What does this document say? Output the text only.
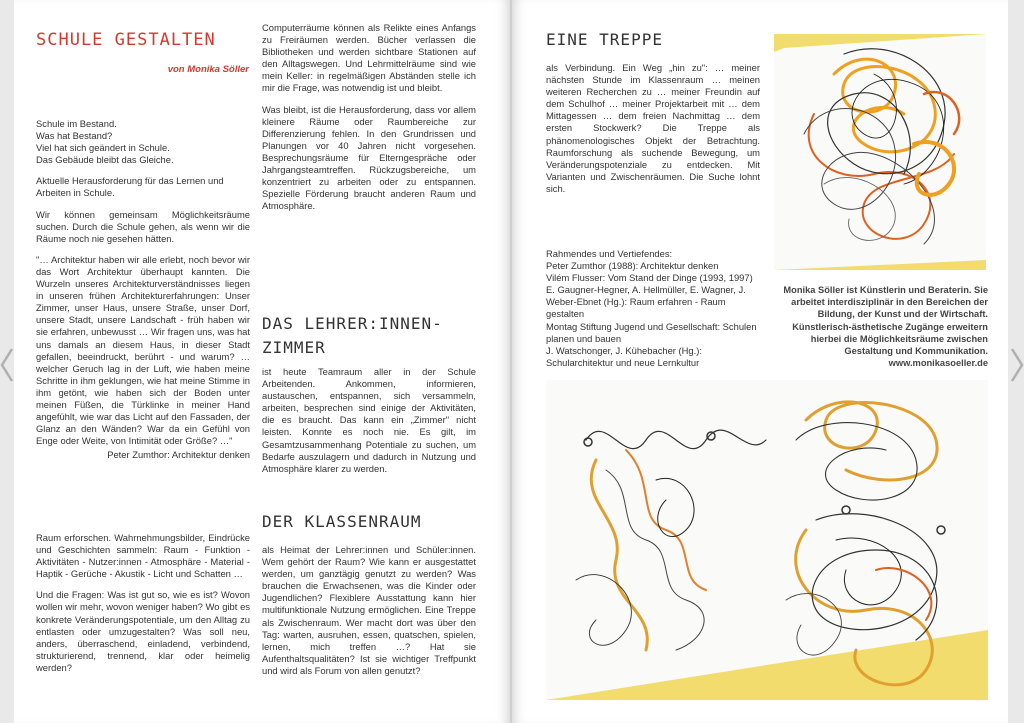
SCHULE GESTALTEN
von Monika Söller

Schule im Bestand.

Was hat Bestand?

Viel hat sich geändert in Schule.

Das Gebäude bleibt das Gleiche.

Aktuelle Herausforderung für das Lernen und Arbeiten in Schule.

Wir können gemeinsam Möglichkeitsräume suchen. Durch die Schule gehen, als wenn wir die Räume noch nie gesehen hätten.

"… Architektur haben wir alle erlebt, noch bevor wir das Wort Architektur überhaupt kannten. Die Wurzeln unseres Architekturverständnisses liegen in unseren frühen Architekturerfahrungen: Unser Zimmer, unser Haus, unsere Straße, unser Dorf, unsere Stadt, unsere Landschaft - früh haben wir sie erfahren, unbewusst … Wir fragen uns, was hat uns damals an diesem Haus, in dieser Stadt gefallen, beeindruckt, berührt - und warum? … welcher Geruch lag in der Luft, wie haben meine Schritte in ihm geklungen, wie hat meine Stimme in ihm getönt, wie haben sich der Boden unter meinen Füßen, die Türklinke in meiner Hand angefühlt, wie war das Licht auf den Fassaden, der Glanz an den Wänden? War da ein Gefühl von Enge oder Weite, von Intimität oder Größe? …"

Peter Zumthor: Architektur denken

Raum erforschen. Wahrnehmungsbilder, Eindrücke und Geschichten sammeln: Raum - Funktion - Aktivitäten - Nutzer:innen - Atmosphäre - Material - Haptik - Gerüche - Akustik - Licht und Schatten …

Und die Fragen: Was ist gut so, wie es ist? Wovon wollen wir mehr, wovon weniger haben? Wo gibt es konkrete Veränderungspotentiale, um den Alltag zu entlasten oder umzugestalten? Was soll neu, anders, überraschend, einladend, verbindend, strukturierend, trennend, klar oder heimelig werden?

Computerräume können als Relikte eines Anfangs zu Freiräumen werden. Bücher verlassen die Bibliotheken und werden sichtbare Stationen auf den Alltagswegen. Und Lehrmittelräume sind wie mein Keller: in regelmäßigen Abständen stelle ich mir die Frage, was notwendig ist und bleibt.

Was bleibt, ist die Herausforderung, dass vor allem kleinere Räume oder Raumbereiche zur Differenzierung fehlen. In den Grundrissen und Planungen vor 40 Jahren nicht vorgesehen. Besprechungsräume für Elterngespräche oder Jahrgangsteamtreffen. Rückzugsbereiche, um konzentriert zu arbeiten oder zu entspannen. Spezielle Förderung braucht anderen Raum und Atmosphäre.

DAS LEHRER:INNEN-ZIMMER

ist heute Teamraum aller in der Schule Arbeitenden. Ankommen, informieren, austauschen, entspannen, sich versammeln, arbeiten, besprechen sind einige der Aktivitäten, die es braucht. Das kann ein „Zimmer" nicht leisten. Konnte es noch nie. Es gilt, im Gesamtzusammenhang Potentiale zu suchen, um Bedarfe auszulagern und dadurch in Nutzung und Atmosphäre klarer zu werden.

DER KLASSENRAUM

als Heimat der Lehrer:innen und Schüler:innen. Wem gehört der Raum? Wie kann er ausgestattet werden, um ganztägig genutzt zu werden? Was brauchen die Erwachsenen, was die Kinder oder Jugendlichen? Flexiblere Ausstattung kann hier multifunktionale Nutzung ermöglichen. Eine Treppe als Zwischenraum. Wer macht dort was über den Tag: warten, ausruhen, essen, quatschen, spielen, lernen, mich treffen …? Hat sie Aufenthaltsqualitäten? Ist sie wichtiger Treffpunkt und wird als Forum von allen genutzt?

EINE TREPPE

als Verbindung. Ein Weg „hin zu": … meiner nächsten Stunde im Klassenraum … meinen weiteren Recherchen zu … meiner Freundin auf dem Schulhof … meiner Projektarbeit mit … dem Mittagessen … dem freien Nachmittag … dem ersten Stockwerk? Die Treppe als phänomenologisches Objekt der Betrachtung. Raumforschung als suchende Bewegung, um Veränderungspotenziale zu entdecken. Mit Varianten und Zwischenräumen. Die Suche lohnt sich.

Rahmendes und Vertiefendes:

Peter Zumthor (1988): Architektur denken

Vilém Flusser: Vom Stand der Dinge (1993, 1997)

E. Gaugner-Hegner, A. Hellmüller, E. Wagner, J. Weber-Ebnet (Hg.): Raum erfahren - Raum gestalten

Montag Stiftung Jugend und Gesellschaft: Schulen planen und bauen

J. Watschonger, J. Kühebacher (Hg.): Schularchitektur und neue Lernkultur

Monika Söller ist Künstlerin und Beraterin. Sie arbeitet interdisziplinär in den Bereichen der Bildung, der Kunst und der Wirtschaft. Künstlerisch-ästhetische Zugänge erweitern hierbei die Möglichkeitsräume zwischen Gestaltung und Kommunikation.
www.monikasoeller.de
